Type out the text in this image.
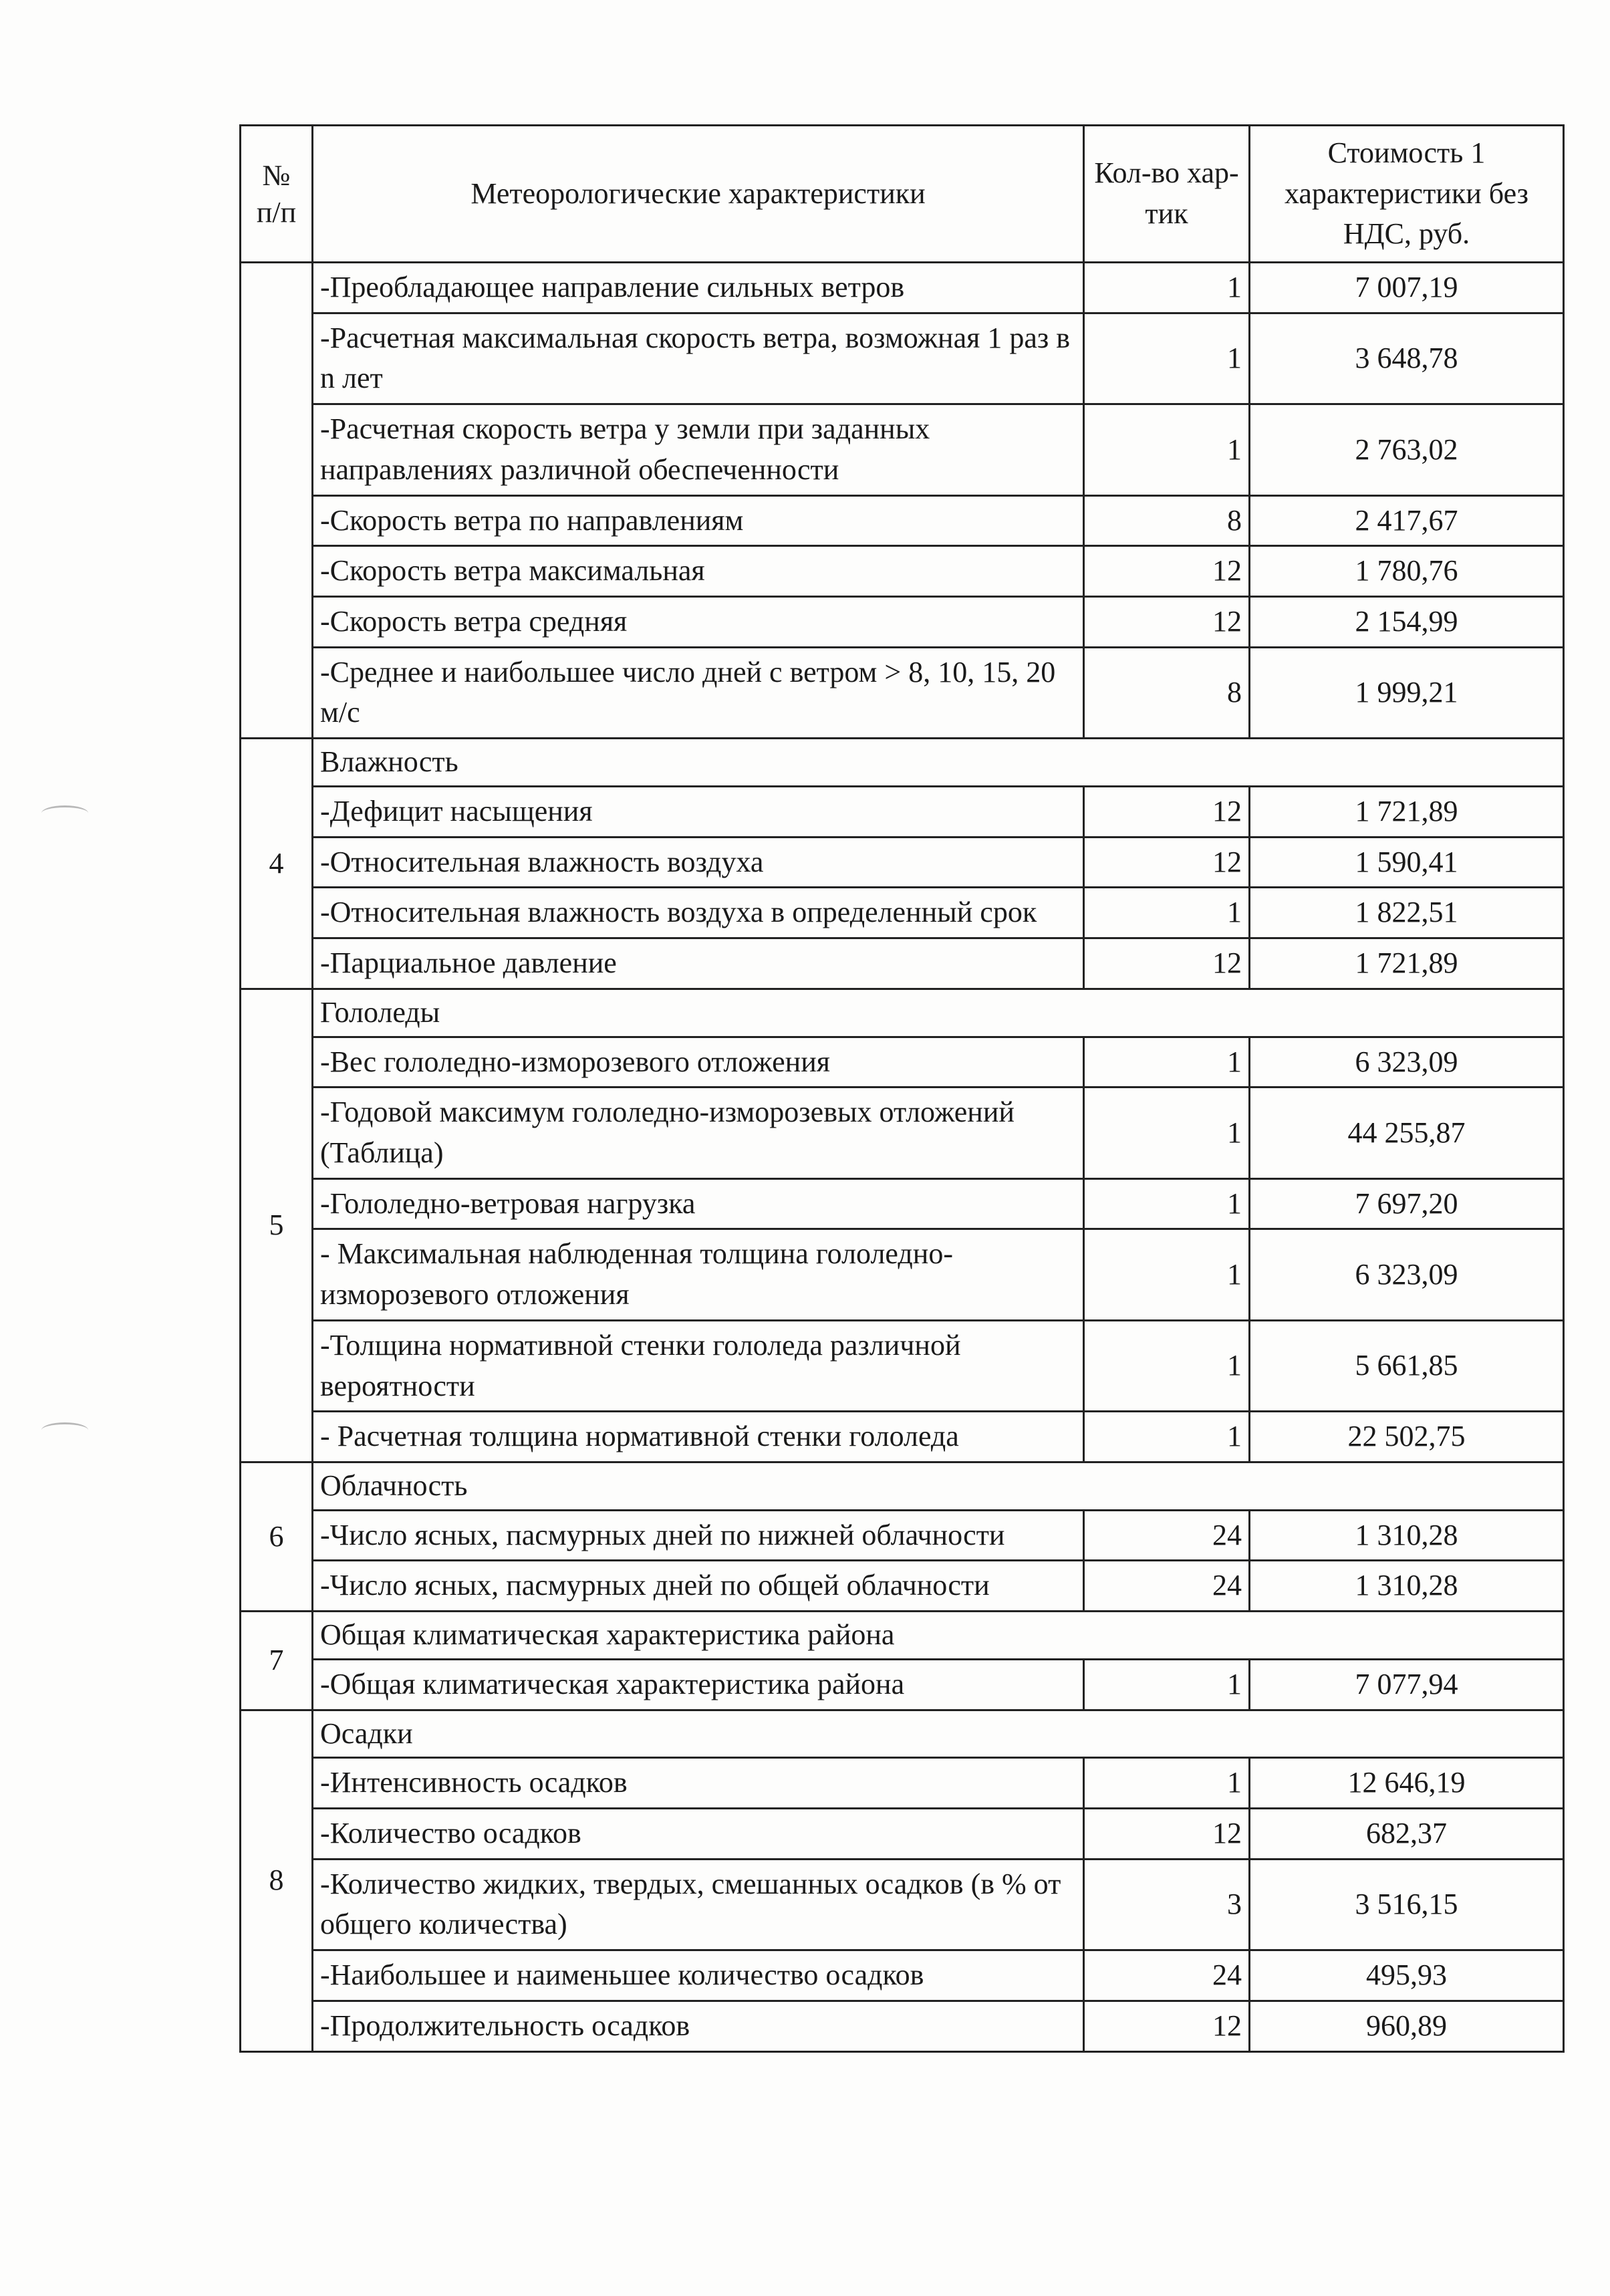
№ п/п	Метеорологические характеристики	Кол-во хар-тик	Стоимость 1 характеристики без НДС, руб.
	-Преобладающее направление сильных ветров	1	7 007,19
	-Расчетная максимальная скорость ветра, возможная 1 раз в n лет	1	3 648,78
	-Расчетная скорость ветра у земли при заданных направлениях различной обеспеченности	1	2 763,02
	-Скорость ветра по направлениям	8	2 417,67
	-Скорость ветра максимальная	12	1 780,76
	-Скорость ветра средняя	12	2 154,99
	-Среднее и наибольшее число дней с ветром > 8, 10, 15, 20 м/с	8	1 999,21
4	Влажность		
	-Дефицит насыщения	12	1 721,89
	-Относительная влажность воздуха	12	1 590,41
	-Относительная влажность воздуха в определенный срок	1	1 822,51
	-Парциальное давление	12	1 721,89
5	Гололеды		
	-Вес гололедно-изморозевого отложения	1	6 323,09
	-Годовой максимум гололедно-изморозевых отложений (Таблица)	1	44 255,87
	-Гололедно-ветровая нагрузка	1	7 697,20
	- Максимальная наблюденная толщина гололедно-изморозевого отложения	1	6 323,09
	-Толщина нормативной стенки гололеда различной вероятности	1	5 661,85
	- Расчетная толщина нормативной стенки гололеда	1	22 502,75
6	Облачность		
	-Число ясных, пасмурных дней по нижней облачности	24	1 310,28
	-Число ясных, пасмурных дней по общей облачности	24	1 310,28
7	Общая климатическая характеристика района		
	-Общая климатическая характеристика района	1	7 077,94
8	Осадки		
	-Интенсивность осадков	1	12 646,19
	-Количество осадков	12	682,37
	-Количество жидких, твердых, смешанных осадков (в % от общего количества)	3	3 516,15
	-Наибольшее и наименьшее количество осадков	24	495,93
	-Продолжительность осадков	12	960,89
